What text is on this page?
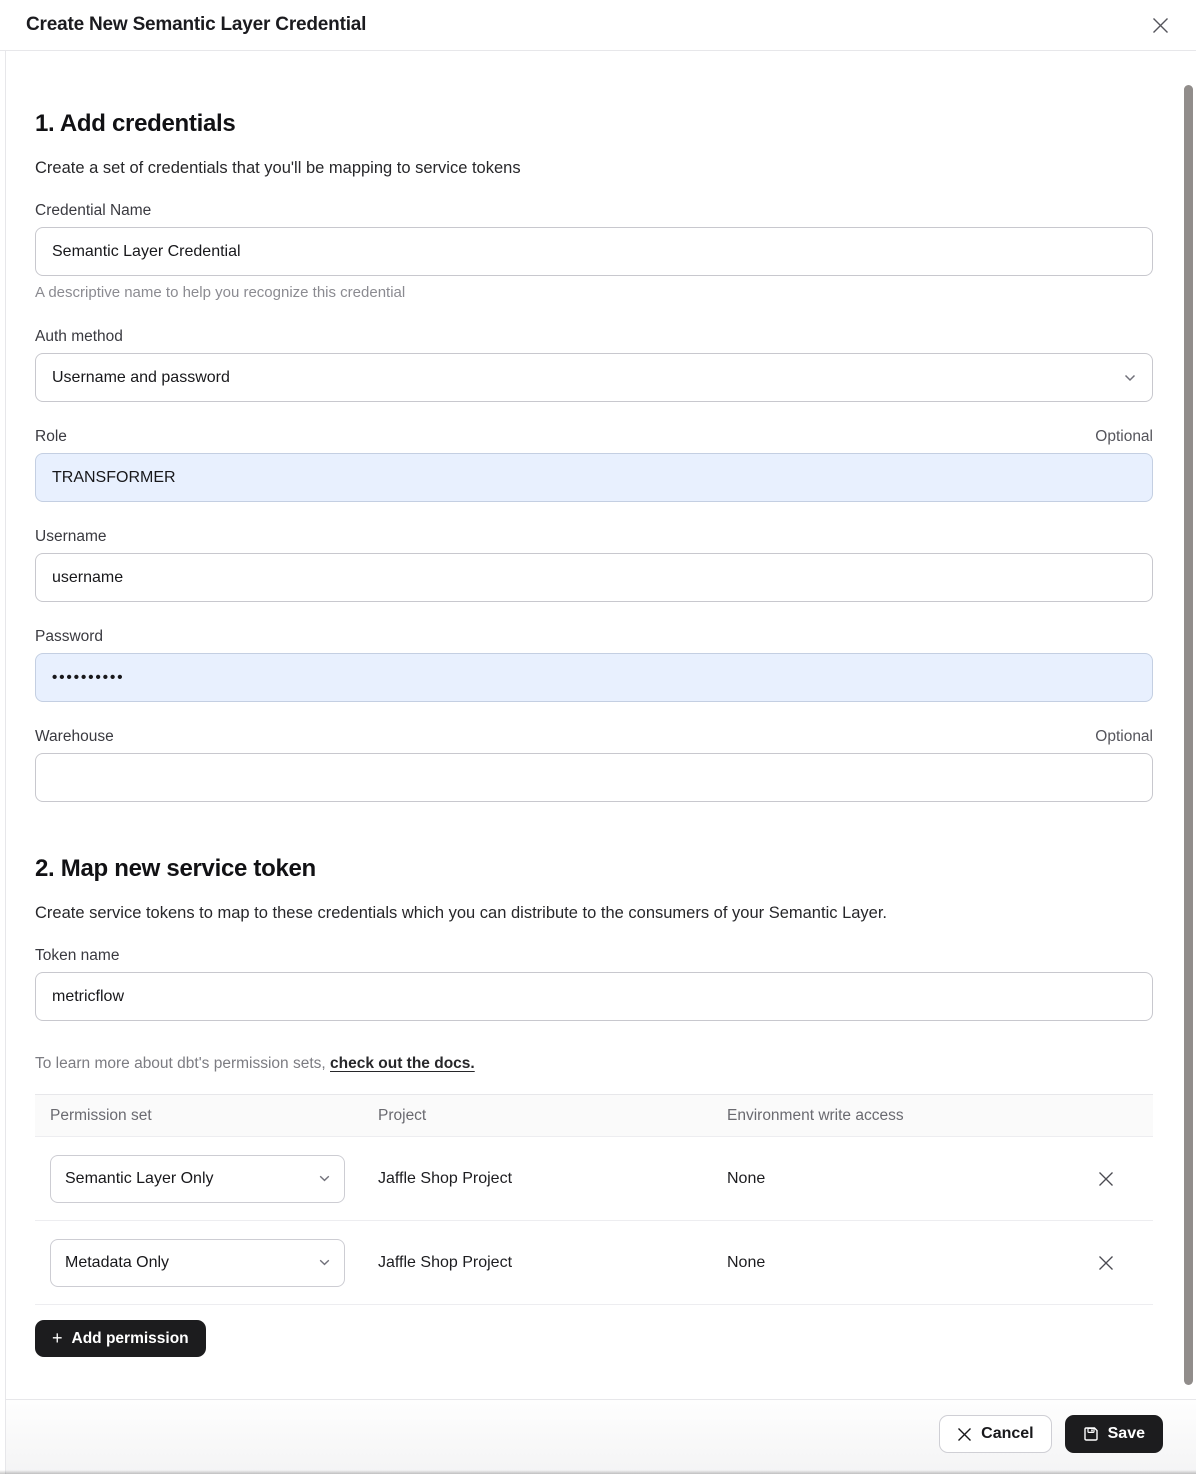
Create New Semantic Layer Credential
1. Add credentials
Create a set of credentials that you'll be mapping to service tokens
Credential Name
Semantic Layer Credential
A descriptive name to help you recognize this credential
Auth method
Username and password
Role	Optional
TRANSFORMER
Username
username
Password
••••••••••
Warehouse	Optional
2. Map new service token
Create service tokens to map to these credentials which you can distribute to the consumers of your Semantic Layer.
Token name
metricflow
To learn more about dbt's permission sets, check out the docs.
Permission set	Project	Environment write access
Semantic Layer Only	Jaffle Shop Project	None
Metadata Only	Jaffle Shop Project	None
+ Add permission
Cancel	Save
